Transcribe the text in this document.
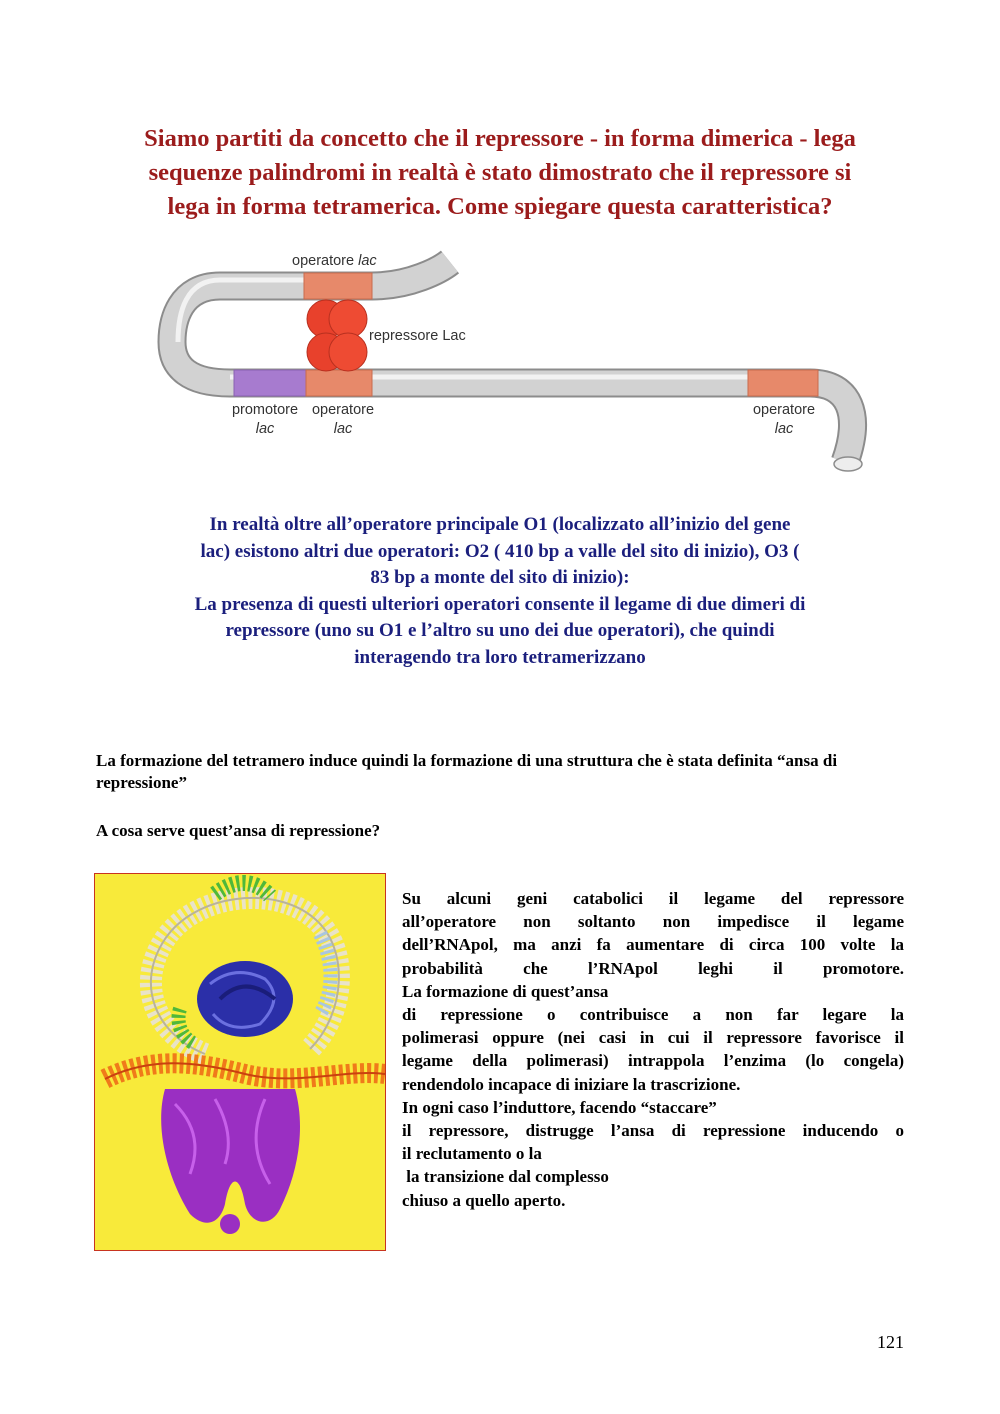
Siamo partiti da concetto che il repressore - in forma dimerica - lega
sequenze palindromi in realtà è stato dimostrato che il repressore si
lega in forma tetramerica. Come spiegare questa caratteristica?
operatore lac
repressore Lac
promotore
lac
operatore
lac
operatore
lac
In realtà oltre all’operatore principale O1 (localizzato all’inizio del gene
lac) esistono altri due operatori: O2 ( 410 bp a valle del sito di inizio), O3 (
83 bp a monte del sito di inizio):
La presenza di questi ulteriori operatori consente il legame di due dimeri di
repressore (uno su O1 e l’altro su uno dei due operatori), che quindi
interagendo tra loro tetramerizzano
La formazione del tetramero induce quindi la formazione di una struttura che è stata definita “ansa di repressione”
A cosa serve quest’ansa di repressione?
Su alcuni geni catabolici il legame del repressore
all’operatore non soltanto non impedisce il legame
dell’RNApol, ma anzi fa aumentare di circa 100 volte la
probabilità che l’RNApol leghi il promotore.
La formazione di quest’ansa
di repressione o contribuisce a non far legare la
polimerasi oppure (nei casi in cui il repressore favorisce il
legame della polimerasi) intrappola l’enzima (lo congela)
rendendolo incapace di iniziare la trascrizione.
In ogni caso l’induttore, facendo “staccare”
il repressore, distrugge l’ansa di repressione inducendo o
il reclutamento o la
la transizione dal complesso
chiuso a quello aperto.
121
